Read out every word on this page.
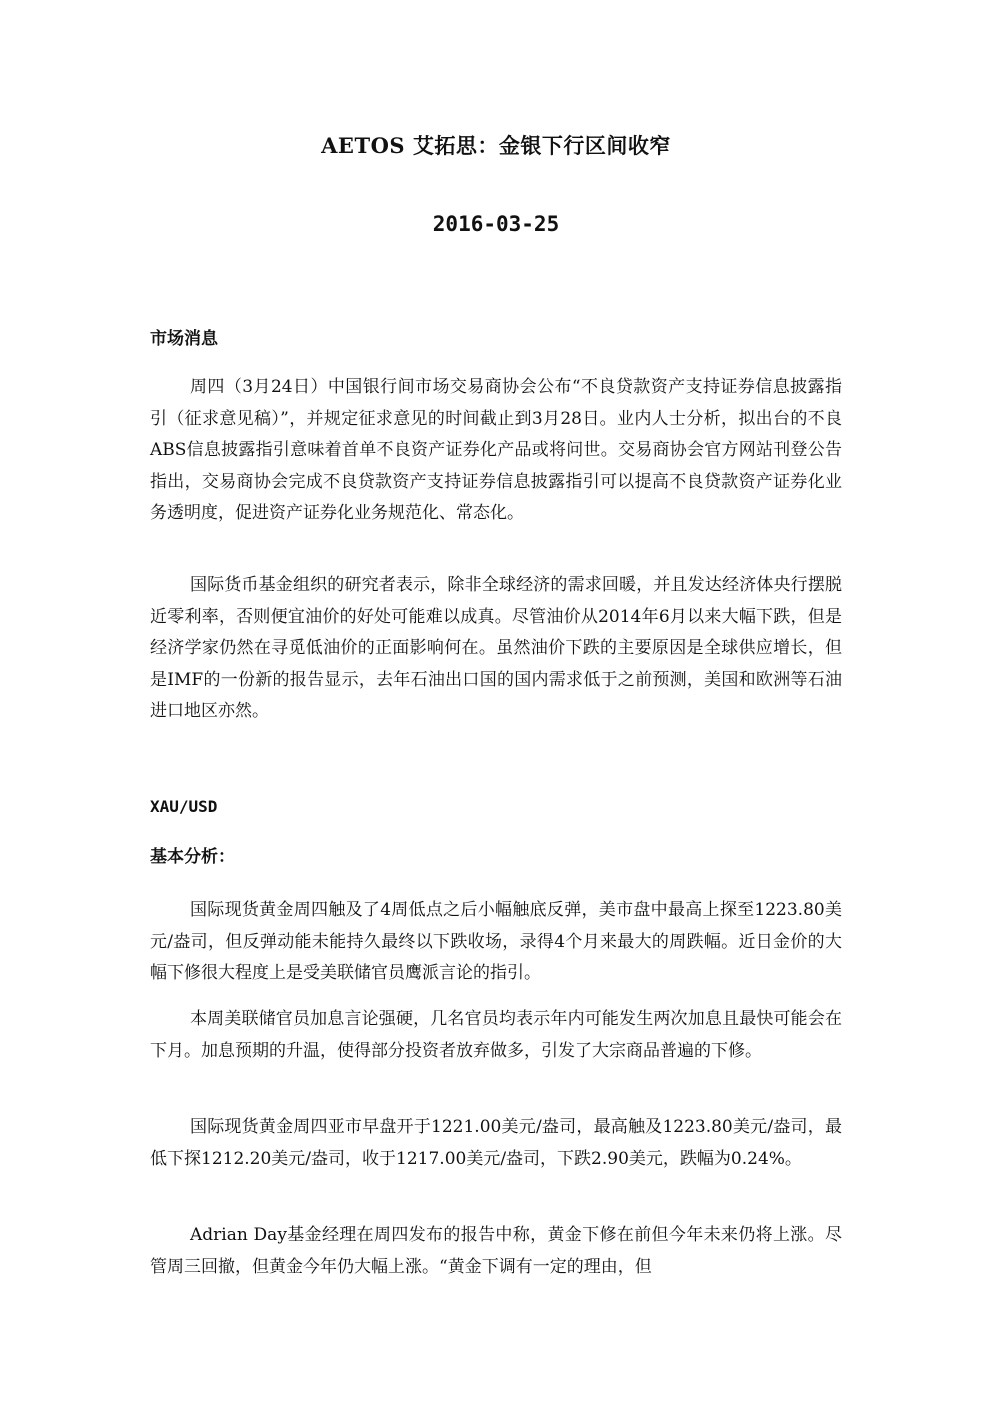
AETOS 艾拓思：金银下行区间收窄
2016-03-25
市场消息

周四（3月24日）中国银行间市场交易商协会公布“不良贷款资产支持证券信息披露指引（征求意见稿）”，并规定征求意见的时间截止到3月28日。业内人士分析，拟出台的不良ABS信息披露指引意味着首单不良资产证券化产品或将问世。交易商协会官方网站刊登公告指出，交易商协会完成不良贷款资产支持证券信息披露指引可以提高不良贷款资产证券化业务透明度，促进资产证券化业务规范化、常态化。

国际货币基金组织的研究者表示，除非全球经济的需求回暖，并且发达经济体央行摆脱近零利率，否则便宜油价的好处可能难以成真。尽管油价从2014年6月以来大幅下跌，但是经济学家仍然在寻觅低油价的正面影响何在。虽然油价下跌的主要原因是全球供应增长，但是IMF的一份新的报告显示，去年石油出口国的国内需求低于之前预测，美国和欧洲等石油进口地区亦然。

XAU/USD
基本分析：

国际现货黄金周四触及了4周低点之后小幅触底反弹，美市盘中最高上探至1223.80美元/盎司，但反弹动能未能持久最终以下跌收场，录得4个月来最大的周跌幅。近日金价的大幅下修很大程度上是受美联储官员鹰派言论的指引。

本周美联储官员加息言论强硬，几名官员均表示年内可能发生两次加息且最快可能会在下月。加息预期的升温，使得部分投资者放弃做多，引发了大宗商品普遍的下修。

国际现货黄金周四亚市早盘开于1221.00美元/盎司，最高触及1223.80美元/盎司，最低下探1212.20美元/盎司，收于1217.00美元/盎司，下跌2.90美元，跌幅为0.24%。

Adrian Day基金经理在周四发布的报告中称，黄金下修在前但今年未来仍将上涨。尽管周三回撤，但黄金今年仍大幅上涨。“黄金下调有一定的理由，但
